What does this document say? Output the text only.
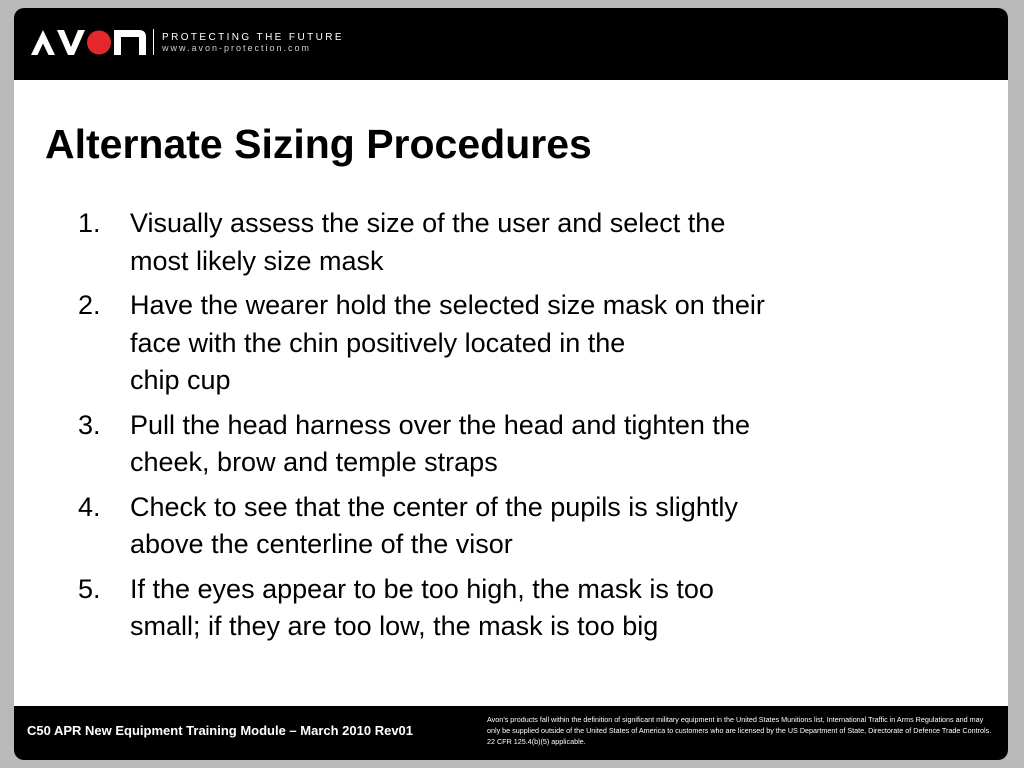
PROTECTING THE FUTURE
www.avon-protection.com
Alternate Sizing Procedures
1.	Visually assess the size of the user and select the
most likely size mask
2.	Have the wearer hold the selected size mask on their
face with the chin positively located in the
chip cup
3.	Pull the head harness over the head and tighten the
cheek, brow and temple straps
4.	Check to see that the center of the pupils is slightly
above the centerline of the visor
5.	If the eyes appear to be too high, the mask is too
small; if they are too low, the mask is too big
C50 APR New Equipment Training Module – March 2010 Rev01
Avon’s products fall within the definition of significant military equipment in the United States Munitions list, International Traffic in Arms Regulations and may only be supplied outside of the United States of America to customers who are licensed by the US Department of State, Directorate of Defence Trade Controls. 22 CFR 125.4(b)(5) applicable.
